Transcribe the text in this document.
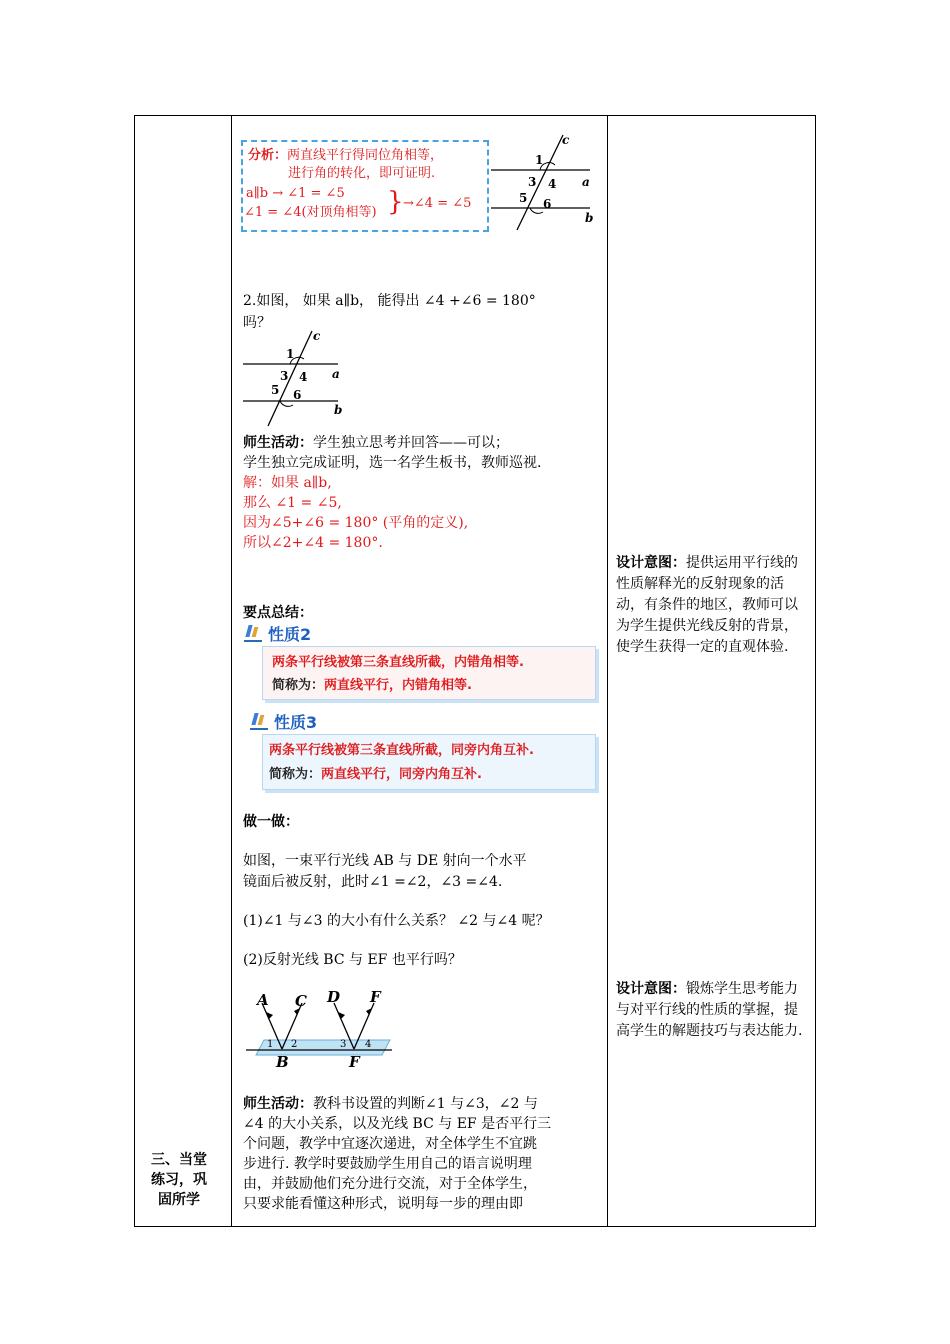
分析：两直线平行得同位角相等，
进行角的转化，即可证明.
a∥b → ∠1 = ∠5
∠1 = ∠4(对顶角相等) } →∠4 = ∠5
c
1
3 4 a
5 6
b
2.如图， 如果 a∥b， 能得出 ∠4 +∠6 = 180°
吗？
c
1
3 4 a
5 6
b
师生活动：学生独立思考并回答——可以；
学生独立完成证明，选一名学生板书，教师巡视.
解：如果 a∥b,
那么 ∠1 = ∠5,
因为∠5+∠6 = 180° (平角的定义),
所以∠2+∠4 = 180°.
要点总结：
性质2
两条平行线被第三条直线所截，内错角相等.
简称为：两直线平行，内错角相等.
性质3
两条平行线被第三条直线所截，同旁内角互补.
简称为：两直线平行，同旁内角互补.
做一做：
如图，一束平行光线 AB 与 DE 射向一个水平
镜面后被反射，此时∠1 =∠2，∠3 =∠4.
(1)∠1 与∠3 的大小有什么关系？ ∠2 与∠4 呢？
(2)反射光线 BC 与 EF 也平行吗？
A C D F
1 2	3 4
B	F
师生活动：教科书设置的判断∠1 与∠3，∠2 与
∠4 的大小关系，以及光线 BC 与 EF 是否平行三
个问题，教学中宜逐次递进，对全体学生不宜跳
步进行. 教学时要鼓励学生用自己的语言说明理
由，并鼓励他们充分进行交流，对于全体学生，
只要求能看懂这种形式，说明每一步的理由即
设计意图：提供运用平行线的性质解释光的反射现象的活动，有条件的地区，教师可以为学生提供光线反射的背景，使学生获得一定的直观体验.
设计意图：锻炼学生思考能力与对平行线的性质的掌握，提高学生的解题技巧与表达能力.
三、当堂
练习，巩
固所学
